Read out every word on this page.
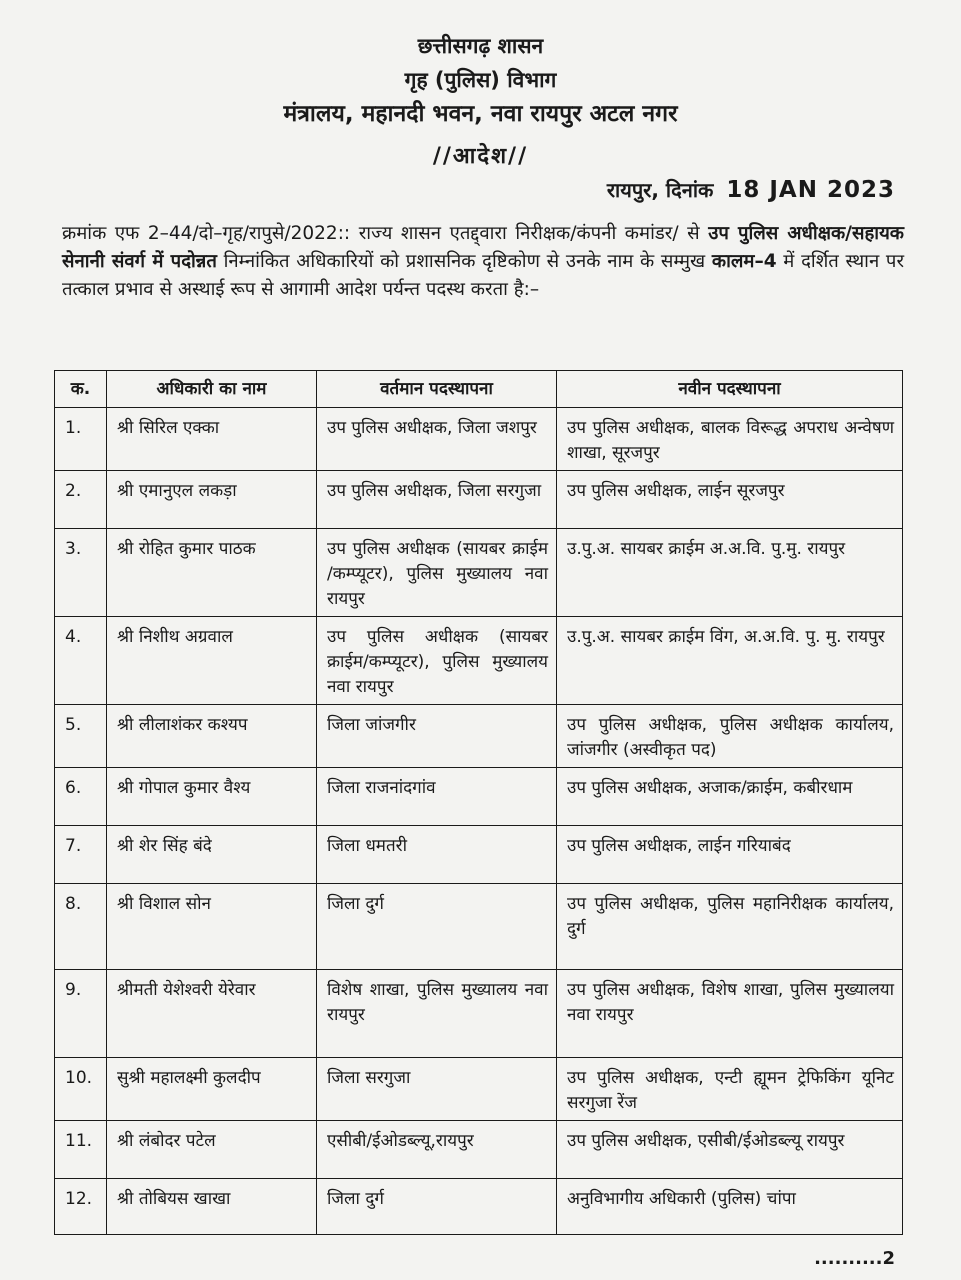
छत्तीसगढ़ शासन
गृह (पुलिस) विभाग
मंत्रालय, महानदी भवन, नवा रायपुर अटल नगर
//आदेश//
रायपुर, दिनांक 18 JAN 2023
क्रमांक एफ 2–44/दो–गृह/रापुसे/2022:: राज्य शासन एतद्द्वारा निरीक्षक/कंपनी कमांडर/ से उप पुलिस अधीक्षक/सहायक सेनानी संवर्ग में पदोन्नत निम्नांकित अधिकारियों को प्रशासनिक दृष्टिकोण से उनके नाम के सम्मुख कालम–4 में दर्शित स्थान पर तत्काल प्रभाव से अस्थाई रूप से आगामी आदेश पर्यन्त पदस्थ करता है:–
क.	अधिकारी का नाम	वर्तमान पदस्थापना	नवीन पदस्थापना
1.	श्री सिरिल एक्का	उप पुलिस अधीक्षक, जिला जशपुर	उप पुलिस अधीक्षक, बालक विरूद्ध अपराध अन्वेषण शाखा, सूरजपुर
2.	श्री एमानुएल लकड़ा	उप पुलिस अधीक्षक, जिला सरगुजा	उप पुलिस अधीक्षक, लाईन सूरजपुर
3.	श्री रोहित कुमार पाठक	उप पुलिस अधीक्षक (सायबर क्राईम /कम्प्यूटर), पुलिस मुख्यालय नवा रायपुर	उ.पु.अ. सायबर क्राईम अ.अ.वि. पु.मु. रायपुर
4.	श्री निशीथ अग्रवाल	उप पुलिस अधीक्षक (सायबर क्राईम/कम्प्यूटर), पुलिस मुख्यालय नवा रायपुर	उ.पु.अ. सायबर क्राईम विंग, अ.अ.वि. पु. मु. रायपुर
5.	श्री लीलाशंकर कश्यप	जिला जांजगीर	उप पुलिस अधीक्षक, पुलिस अधीक्षक कार्यालय, जांजगीर (अस्वीकृत पद)
6.	श्री गोपाल कुमार वैश्य	जिला राजनांदगांव	उप पुलिस अधीक्षक, अजाक/क्राईम, कबीरधाम
7.	श्री शेर सिंह बंदे	जिला धमतरी	उप पुलिस अधीक्षक, लाईन गरियाबंद
8.	श्री विशाल सोन	जिला दुर्ग	उप पुलिस अधीक्षक, पुलिस महानिरीक्षक कार्यालय, दुर्ग
9.	श्रीमती येशेश्वरी येरेवार	विशेष शाखा, पुलिस मुख्यालय नवा रायपुर	उप पुलिस अधीक्षक, विशेष शाखा, पुलिस मुख्यालया नवा रायपुर
10.	सुश्री महालक्ष्मी कुलदीप	जिला सरगुजा	उप पुलिस अधीक्षक, एन्टी ह्यूमन ट्रेफिकिंग यूनिट सरगुजा रेंज
11.	श्री लंबोदर पटेल	एसीबी/ईओडब्ल्यू,रायपुर	उप पुलिस अधीक्षक, एसीबी/ईओडब्ल्यू रायपुर
12.	श्री तोबियस खाखा	जिला दुर्ग	अनुविभागीय अधिकारी (पुलिस) चांपा
..........2
